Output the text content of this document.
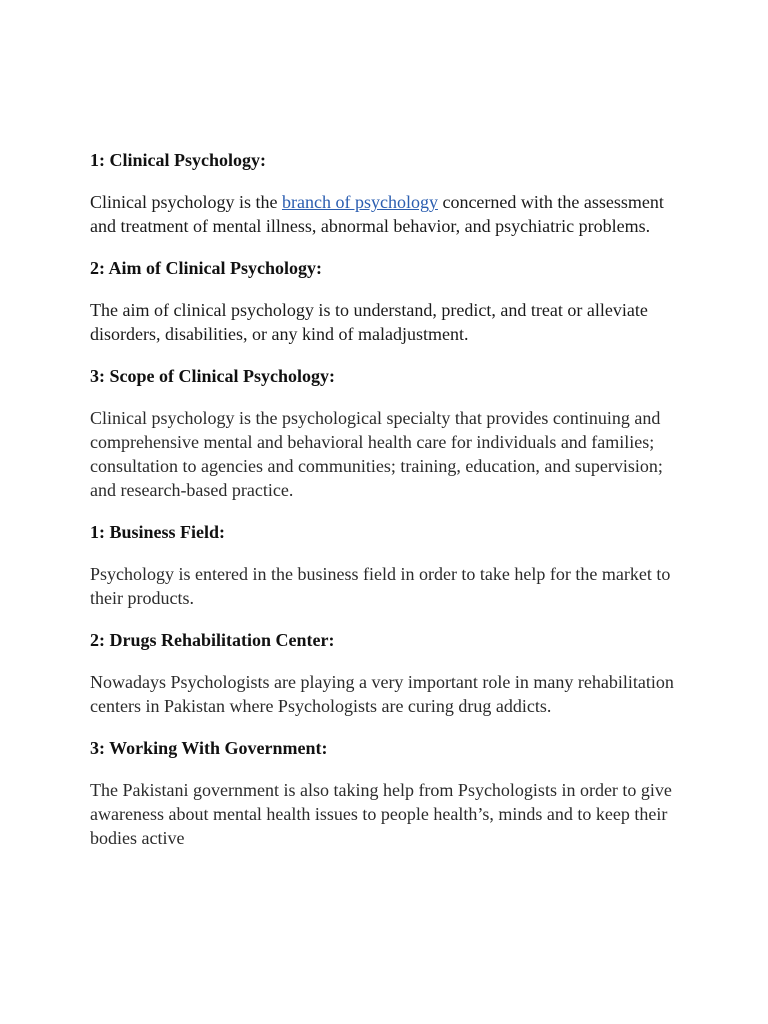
1: Clinical Psychology:
Clinical psychology is the branch of psychology concerned with the assessment and treatment of mental illness, abnormal behavior, and psychiatric problems.
2: Aim of Clinical Psychology:
The aim of clinical psychology is to understand, predict, and treat or alleviate disorders, disabilities, or any kind of maladjustment.
3: Scope of Clinical Psychology:
Clinical psychology is the psychological specialty that provides continuing and comprehensive mental and behavioral health care for individuals and families; consultation to agencies and communities; training, education, and supervision; and research-based practice.
1: Business Field:
Psychology is entered in the business field in order to take help for the market to their products.
2: Drugs Rehabilitation Center:
Nowadays Psychologists are playing a very important role in many rehabilitation centers in Pakistan where Psychologists are curing drug addicts.
3: Working With Government:
The Pakistani government is also taking help from Psychologists in order to give awareness about mental health issues to people health’s, minds and to keep their bodies active
